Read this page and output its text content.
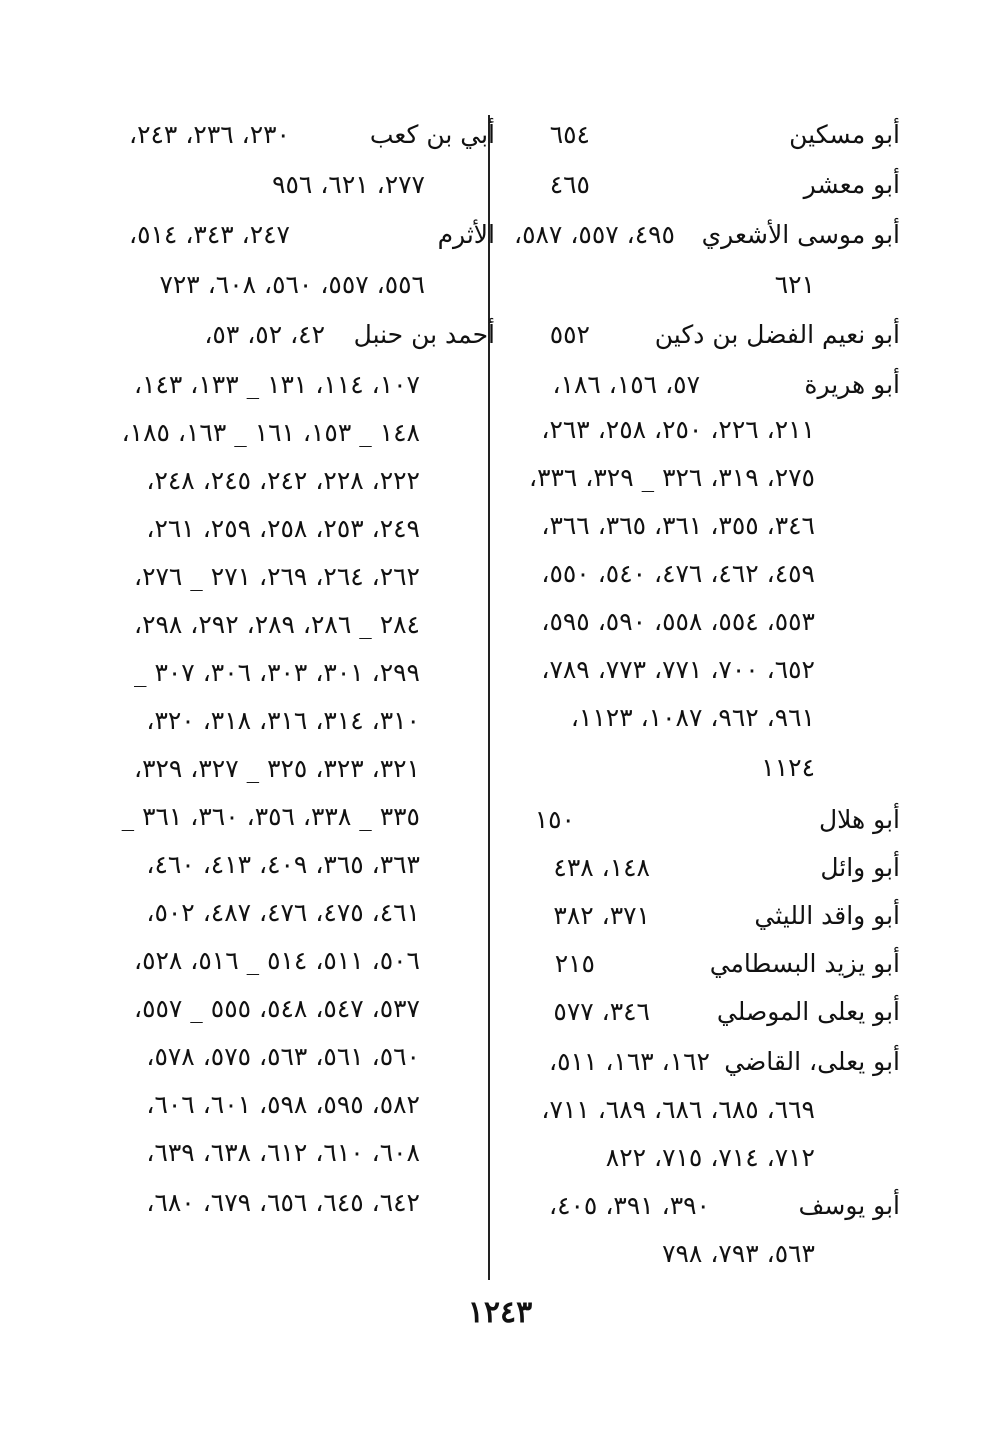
أبو مسكين
٦٥٤
أبو معشر
٤٦٥
أبو موسى الأشعري
٤٩٥، ٥٥٧، ٥٨٧،
٦٢١
أبو نعيم الفضل بن دكين
٥٥٢
أبو هريرة
٥٧، ١٥٦، ١٨٦،
٢١١، ٢٢٦، ٢٥٠، ٢٥٨، ٢٦٣،
٢٧٥، ٣١٩، ٣٢٦ _ ٣٢٩، ٣٣٦،
٣٤٦، ٣٥٥، ٣٦١، ٣٦٥، ٣٦٦،
٤٥٩، ٤٦٢، ٤٧٦، ٥٤٠، ٥٥٠،
٥٥٣، ٥٥٤، ٥٥٨، ٥٩٠، ٥٩٥،
٦٥٢، ٧٠٠، ٧٧١، ٧٧٣، ٧٨٩،
٩٦١، ٩٦٢، ١٠٨٧، ١١٢٣،
١١٢٤
أبو هلال
١٥٠
أبو وائل
١٤٨، ٤٣٨
أبو واقد الليثي
٣٧١، ٣٨٢
أبو يزيد البسطامي
٢١٥
أبو يعلى الموصلي
٣٤٦، ٥٧٧
أبو يعلى، القاضي
١٦٢، ١٦٣، ٥١١،
٦٦٩، ٦٨٥، ٦٨٦، ٦٨٩، ٧١١،
٧١٢، ٧١٤، ٧١٥، ٨٢٢
أبو يوسف
٣٩٠، ٣٩١، ٤٠٥،
٥٦٣، ٧٩٣، ٧٩٨
أبي بن كعب
٢٣٠، ٢٣٦، ٢٤٣،
٢٧٧، ٦٢١، ٩٥٦
الأثرم
٢٤٧، ٣٤٣، ٥١٤،
٥٥٦، ٥٥٧، ٥٦٠، ٦٠٨، ٧٢٣
أحمد بن حنبل
٤٢، ٥٢، ٥٣،
١٠٧، ١١٤، ١٣١ _ ١٣٣، ١٤٣،
١٤٨ _ ١٥٣، ١٦١ _ ١٦٣، ١٨٥،
٢٢٢، ٢٢٨، ٢٤٢، ٢٤٥، ٢٤٨،
٢٤٩، ٢٥٣، ٢٥٨، ٢٥٩، ٢٦١،
٢٦٢، ٢٦٤، ٢٦٩، ٢٧١ _ ٢٧٦،
٢٨٤ _ ٢٨٦، ٢٨٩، ٢٩٢، ٢٩٨،
٢٩٩، ٣٠١، ٣٠٣، ٣٠٦، ٣٠٧ _
٣١٠، ٣١٤، ٣١٦، ٣١٨، ٣٢٠،
٣٢١، ٣٢٣، ٣٢٥ _ ٣٢٧، ٣٢٩،
٣٣٥ _ ٣٣٨، ٣٥٦، ٣٦٠، ٣٦١ _
٣٦٣، ٣٦٥، ٤٠٩، ٤١٣، ٤٦٠،
٤٦١، ٤٧٥، ٤٧٦، ٤٨٧، ٥٠٢،
٥٠٦، ٥١١، ٥١٤ _ ٥١٦، ٥٢٨،
٥٣٧، ٥٤٧، ٥٤٨، ٥٥٥ _ ٥٥٧،
٥٦٠، ٥٦١، ٥٦٣، ٥٧٥، ٥٧٨،
٥٨٢، ٥٩٥، ٥٩٨، ٦٠١، ٦٠٦،
٦٠٨، ٦١٠، ٦١٢، ٦٣٨، ٦٣٩،
٦٤٢، ٦٤٥، ٦٥٦، ٦٧٩، ٦٨٠،
١٢٤٣
